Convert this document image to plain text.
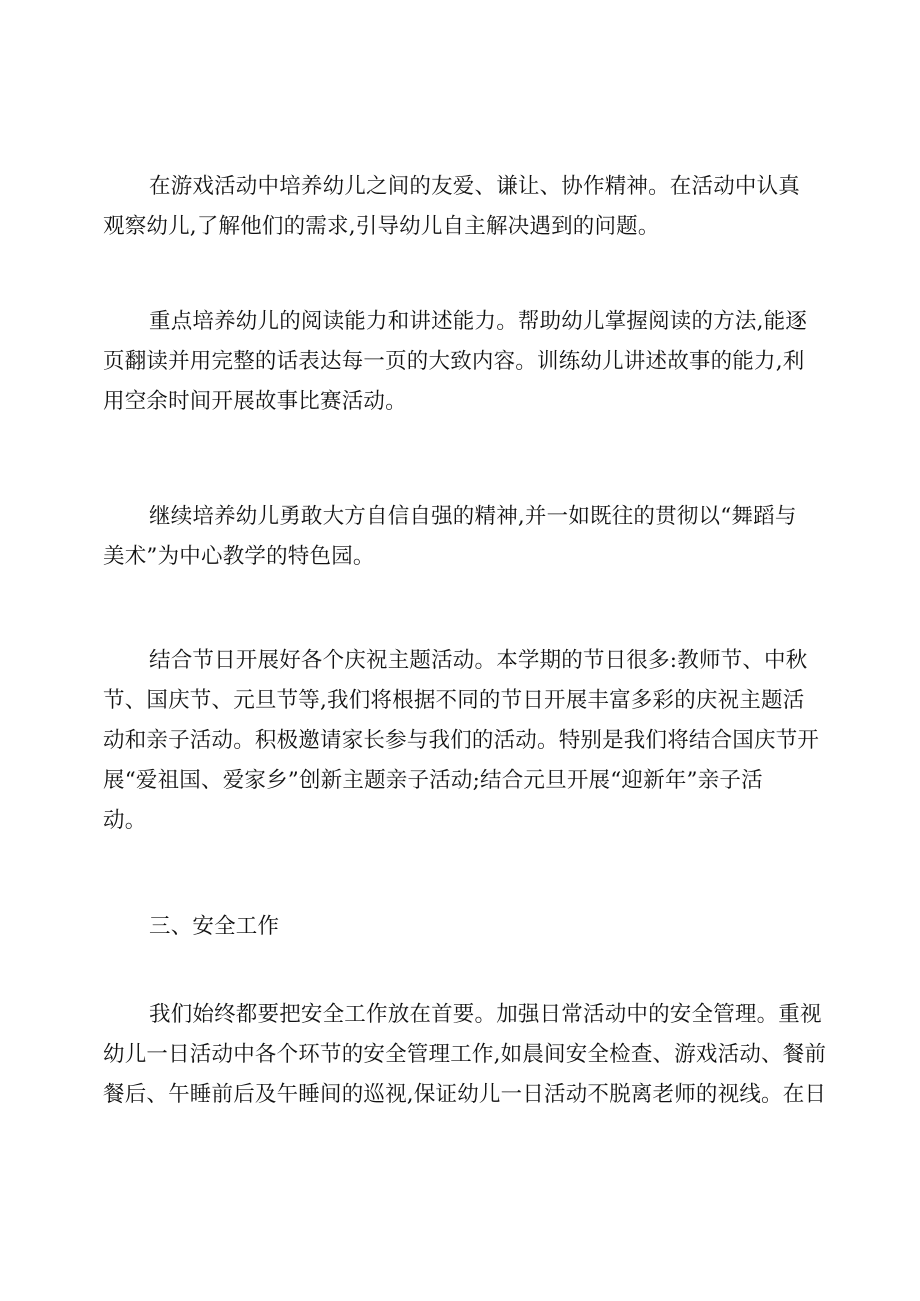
在游戏活动中培养幼儿之间的友爱、谦让、协作精神。在活动中认真
观察幼儿,了解他们的需求,引导幼儿自主解决遇到的问题。

重点培养幼儿的阅读能力和讲述能力。帮助幼儿掌握阅读的方法,能逐
页翻读并用完整的话表达每一页的大致内容。训练幼儿讲述故事的能力,利
用空余时间开展故事比赛活动。

继续培养幼儿勇敢大方自信自强的精神,并一如既往的贯彻以“舞蹈与
美术”为中心教学的特色园。

结合节日开展好各个庆祝主题活动。本学期的节日很多:教师节、中秋
节、国庆节、元旦节等,我们将根据不同的节日开展丰富多彩的庆祝主题活
动和亲子活动。积极邀请家长参与我们的活动。特别是我们将结合国庆节开
展“爱祖国、爱家乡”创新主题亲子活动;结合元旦开展“迎新年”亲子活
动。

三、安全工作

我们始终都要把安全工作放在首要。加强日常活动中的安全管理。重视
幼儿一日活动中各个环节的安全管理工作,如晨间安全检查、游戏活动、餐前
餐后、午睡前后及午睡间的巡视,保证幼儿一日活动不脱离老师的视线。在日
